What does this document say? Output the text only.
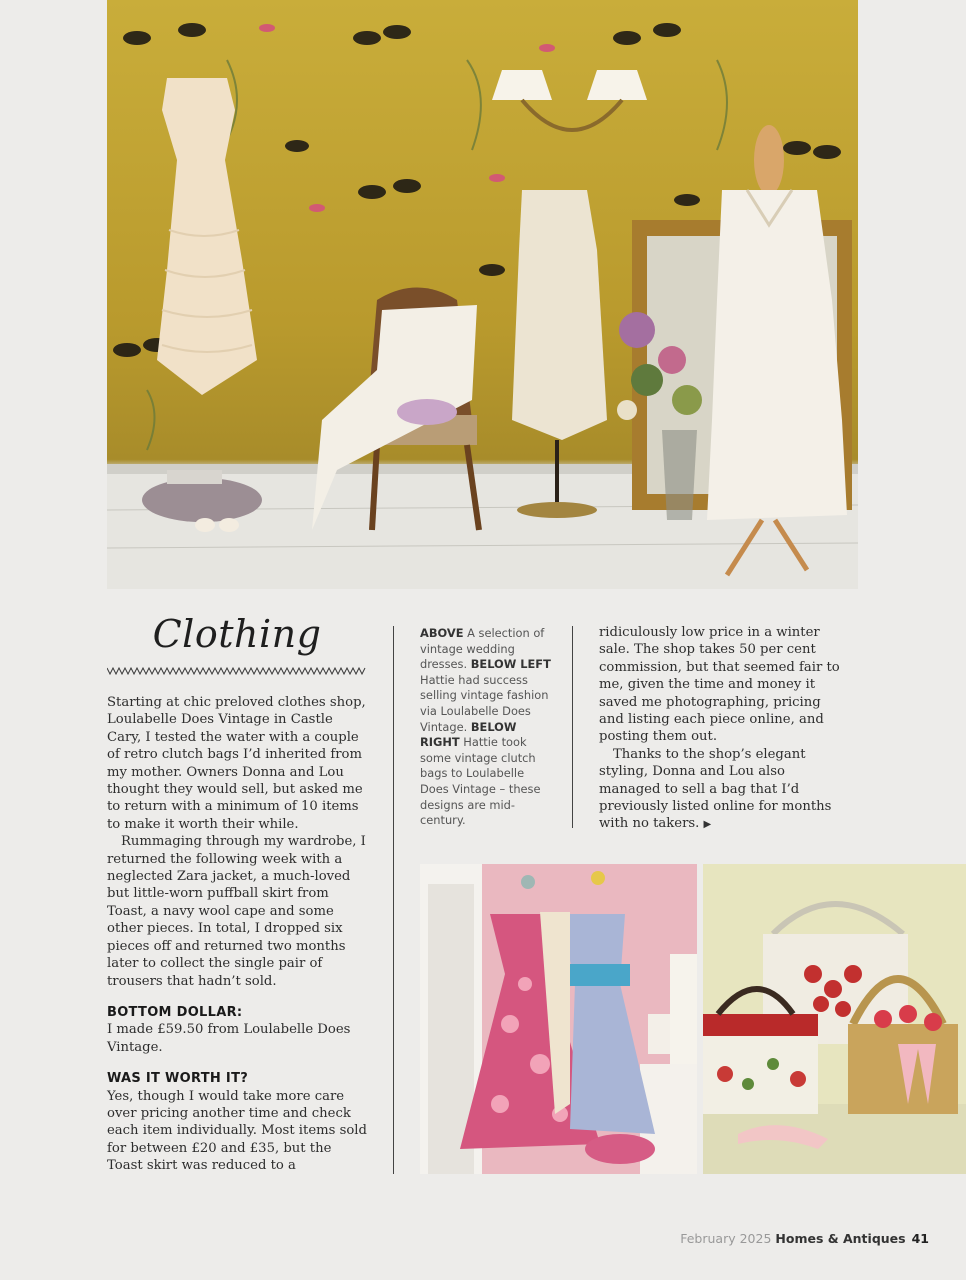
Clothing

Starting at chic preloved clothes shop, Loulabelle Does Vintage in Castle Cary, I tested the water with a couple of retro clutch bags I’d inherited from my mother. Owners Donna and Lou thought they would sell, but asked me to return with a minimum of 10 items to make it worth their while.

Rummaging through my wardrobe, I returned the following week with a neglected Zara jacket, a much-loved but little-worn puffball skirt from Toast, a navy wool cape and some other pieces. In total, I dropped six pieces off and returned two months later to collect the single pair of trousers that hadn’t sold.

BOTTOM DOLLAR:

I made £59.50 from Loulabelle Does Vintage.

WAS IT WORTH IT?

Yes, though I would take more care over pricing another time and check each item individually. Most items sold for between £20 and £35, but the Toast skirt was reduced to a

ABOVE A selection of vintage wedding dresses. BELOW LEFT Hattie had success selling vintage fashion via Loulabelle Does Vintage. BELOW RIGHT Hattie took some vintage clutch bags to Loulabelle Does Vintage – these designs are mid-century.

ridiculously low price in a winter sale. The shop takes 50 per cent commission, but that seemed fair to me, given the time and money it saved me photographing, pricing and listing each piece online, and posting them out.

Thanks to the shop’s elegant styling, Donna and Lou also managed to sell a bag that I’d previously listed online for months with no takers. ▶

February 2025 Homes & Antiques 41
